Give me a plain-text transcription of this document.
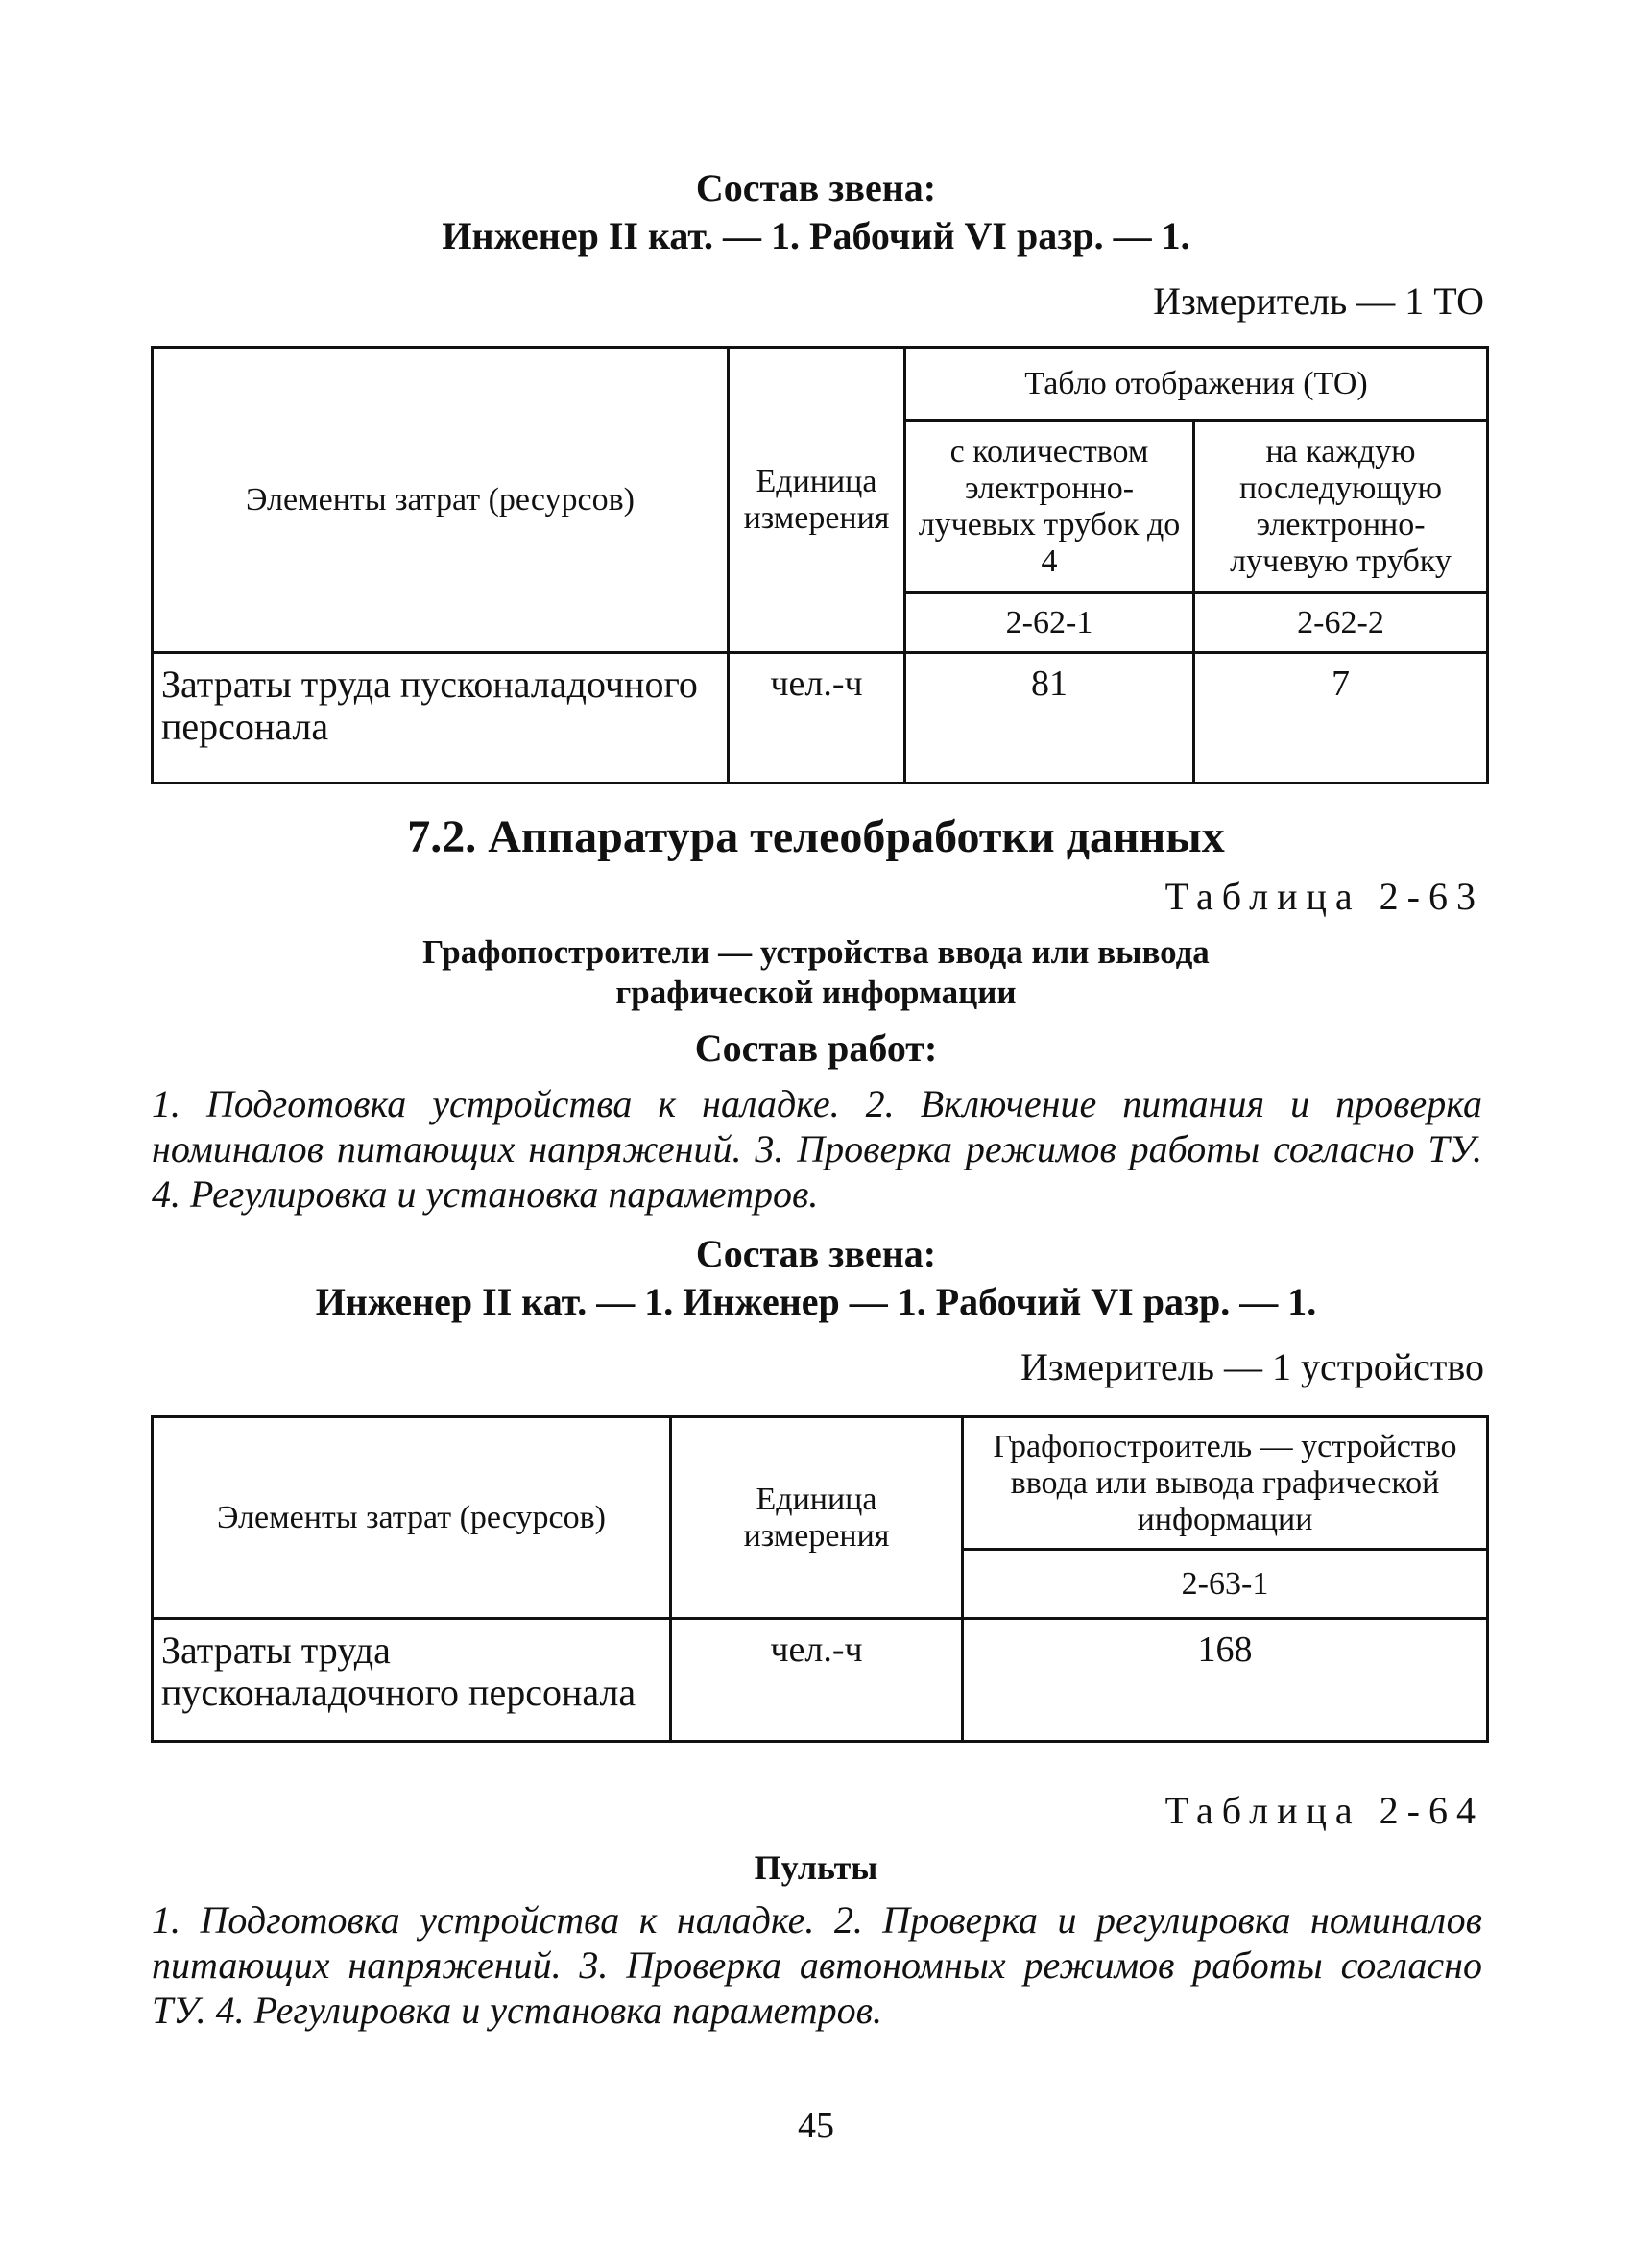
Состав звена:
Инженер II кат. — 1. Рабочий VI разр. — 1.
Измеритель — 1 ТО
Элементы затрат (ресурсов)	Единица измерения	Табло отображения (ТО)	
		с количеством электронно-лучевых трубок до 4	на каждую последующую электронно-лучевую трубку
		2-62-1	2-62-2
Затраты труда пусконаладочного персонала	чел.-ч	81	7
7.2. Аппаратура телеобработки данных
Таблица 2-63
Графопостроители — устройства ввода или вывода
графической информации
Состав работ:
1. Подготовка устройства к наладке. 2. Включение питания и проверка номиналов питающих напряжений. 3. Проверка режимов работы согласно ТУ. 4. Регулировка и установка параметров.
Состав звена:
Инженер II кат. — 1. Инженер — 1. Рабочий VI разр. — 1.
Измеритель — 1 устройство
Элементы затрат (ресурсов)	Единица измерения	Графопостроитель — устройство ввода или вывода графической информации
		2-63-1
Затраты труда пусконаладочного персонала	чел.-ч	168
Таблица 2-64
Пульты
1. Подготовка устройства к наладке. 2. Проверка и регулировка номиналов питающих напряжений. 3. Проверка автономных режимов работы согласно ТУ. 4. Регулировка и установка параметров.
45
